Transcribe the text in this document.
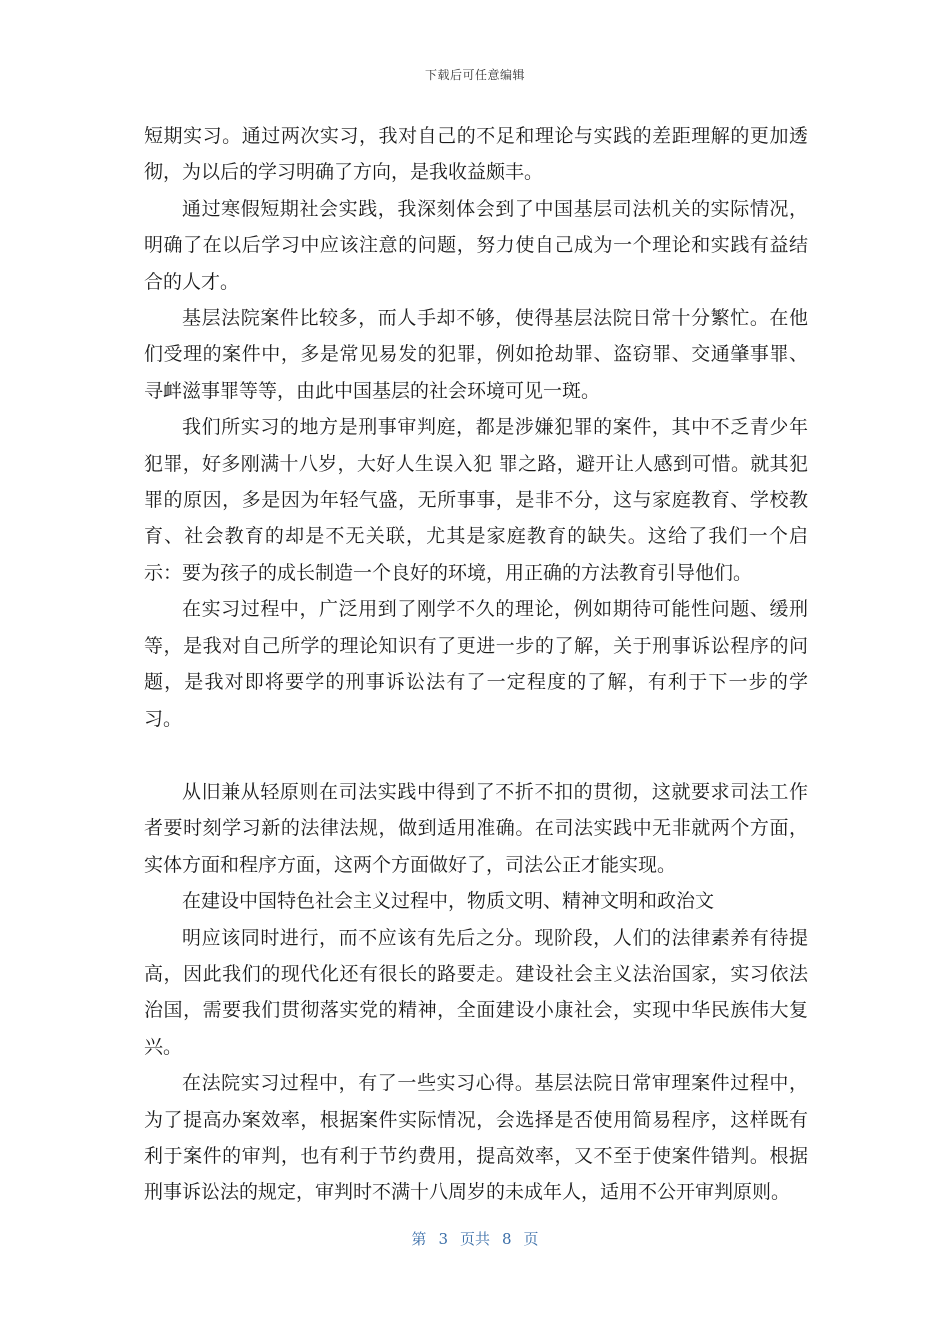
下载后可任意编辑

短期实习。通过两次实习，我对自己的不足和理论与实践的差距理解的更加透彻，为以后的学习明确了方向，是我收益颇丰。

通过寒假短期社会实践，我深刻体会到了中国基层司法机关的实际情况，明确了在以后学习中应该注意的问题，努力使自己成为一个理论和实践有益结合的人才。

基层法院案件比较多，而人手却不够，使得基层法院日常十分繁忙。在他们受理的案件中，多是常见易发的犯罪，例如抢劫罪、盗窃罪、交通肇事罪、寻衅滋事罪等等，由此中国基层的社会环境可见一斑。

我们所实习的地方是刑事审判庭，都是涉嫌犯罪的案件，其中不乏青少年犯罪，好多刚满十八岁，大好人生误入犯 罪之路，避开让人感到可惜。就其犯罪的原因，多是因为年轻气盛，无所事事，是非不分，这与家庭教育、学校教育、社会教育的却是不无关联，尤其是家庭教育的缺失。这给了我们一个启示：要为孩子的成长制造一个良好的环境，用正确的方法教育引导他们。

在实习过程中，广泛用到了刚学不久的理论，例如期待可能性问题、缓刑等，是我对自己所学的理论知识有了更进一步的了解，关于刑事诉讼程序的问题，是我对即将要学的刑事诉讼法有了一定程度的了解，有利于下一步的学习。

从旧兼从轻原则在司法实践中得到了不折不扣的贯彻，这就要求司法工作者要时刻学习新的法律法规，做到适用准确。在司法实践中无非就两个方面，实体方面和程序方面，这两个方面做好了，司法公正才能实现。

在建设中国特色社会主义过程中，物质文明、精神文明和政治文

明应该同时进行，而不应该有先后之分。现阶段，人们的法律素养有待提高，因此我们的现代化还有很长的路要走。建设社会主义法治国家，实习依法治国，需要我们贯彻落实党的精神，全面建设小康社会，实现中华民族伟大复兴。

在法院实习过程中，有了一些实习心得。基层法院日常审理案件过程中，为了提高办案效率，根据案件实际情况，会选择是否使用简易程序，这样既有利于案件的审判，也有利于节约费用，提高效率，又不至于使案件错判。根据刑事诉讼法的规定，审判时不满十八周岁的未成年人，适用不公开审判原则。

第 3 页共 8 页
